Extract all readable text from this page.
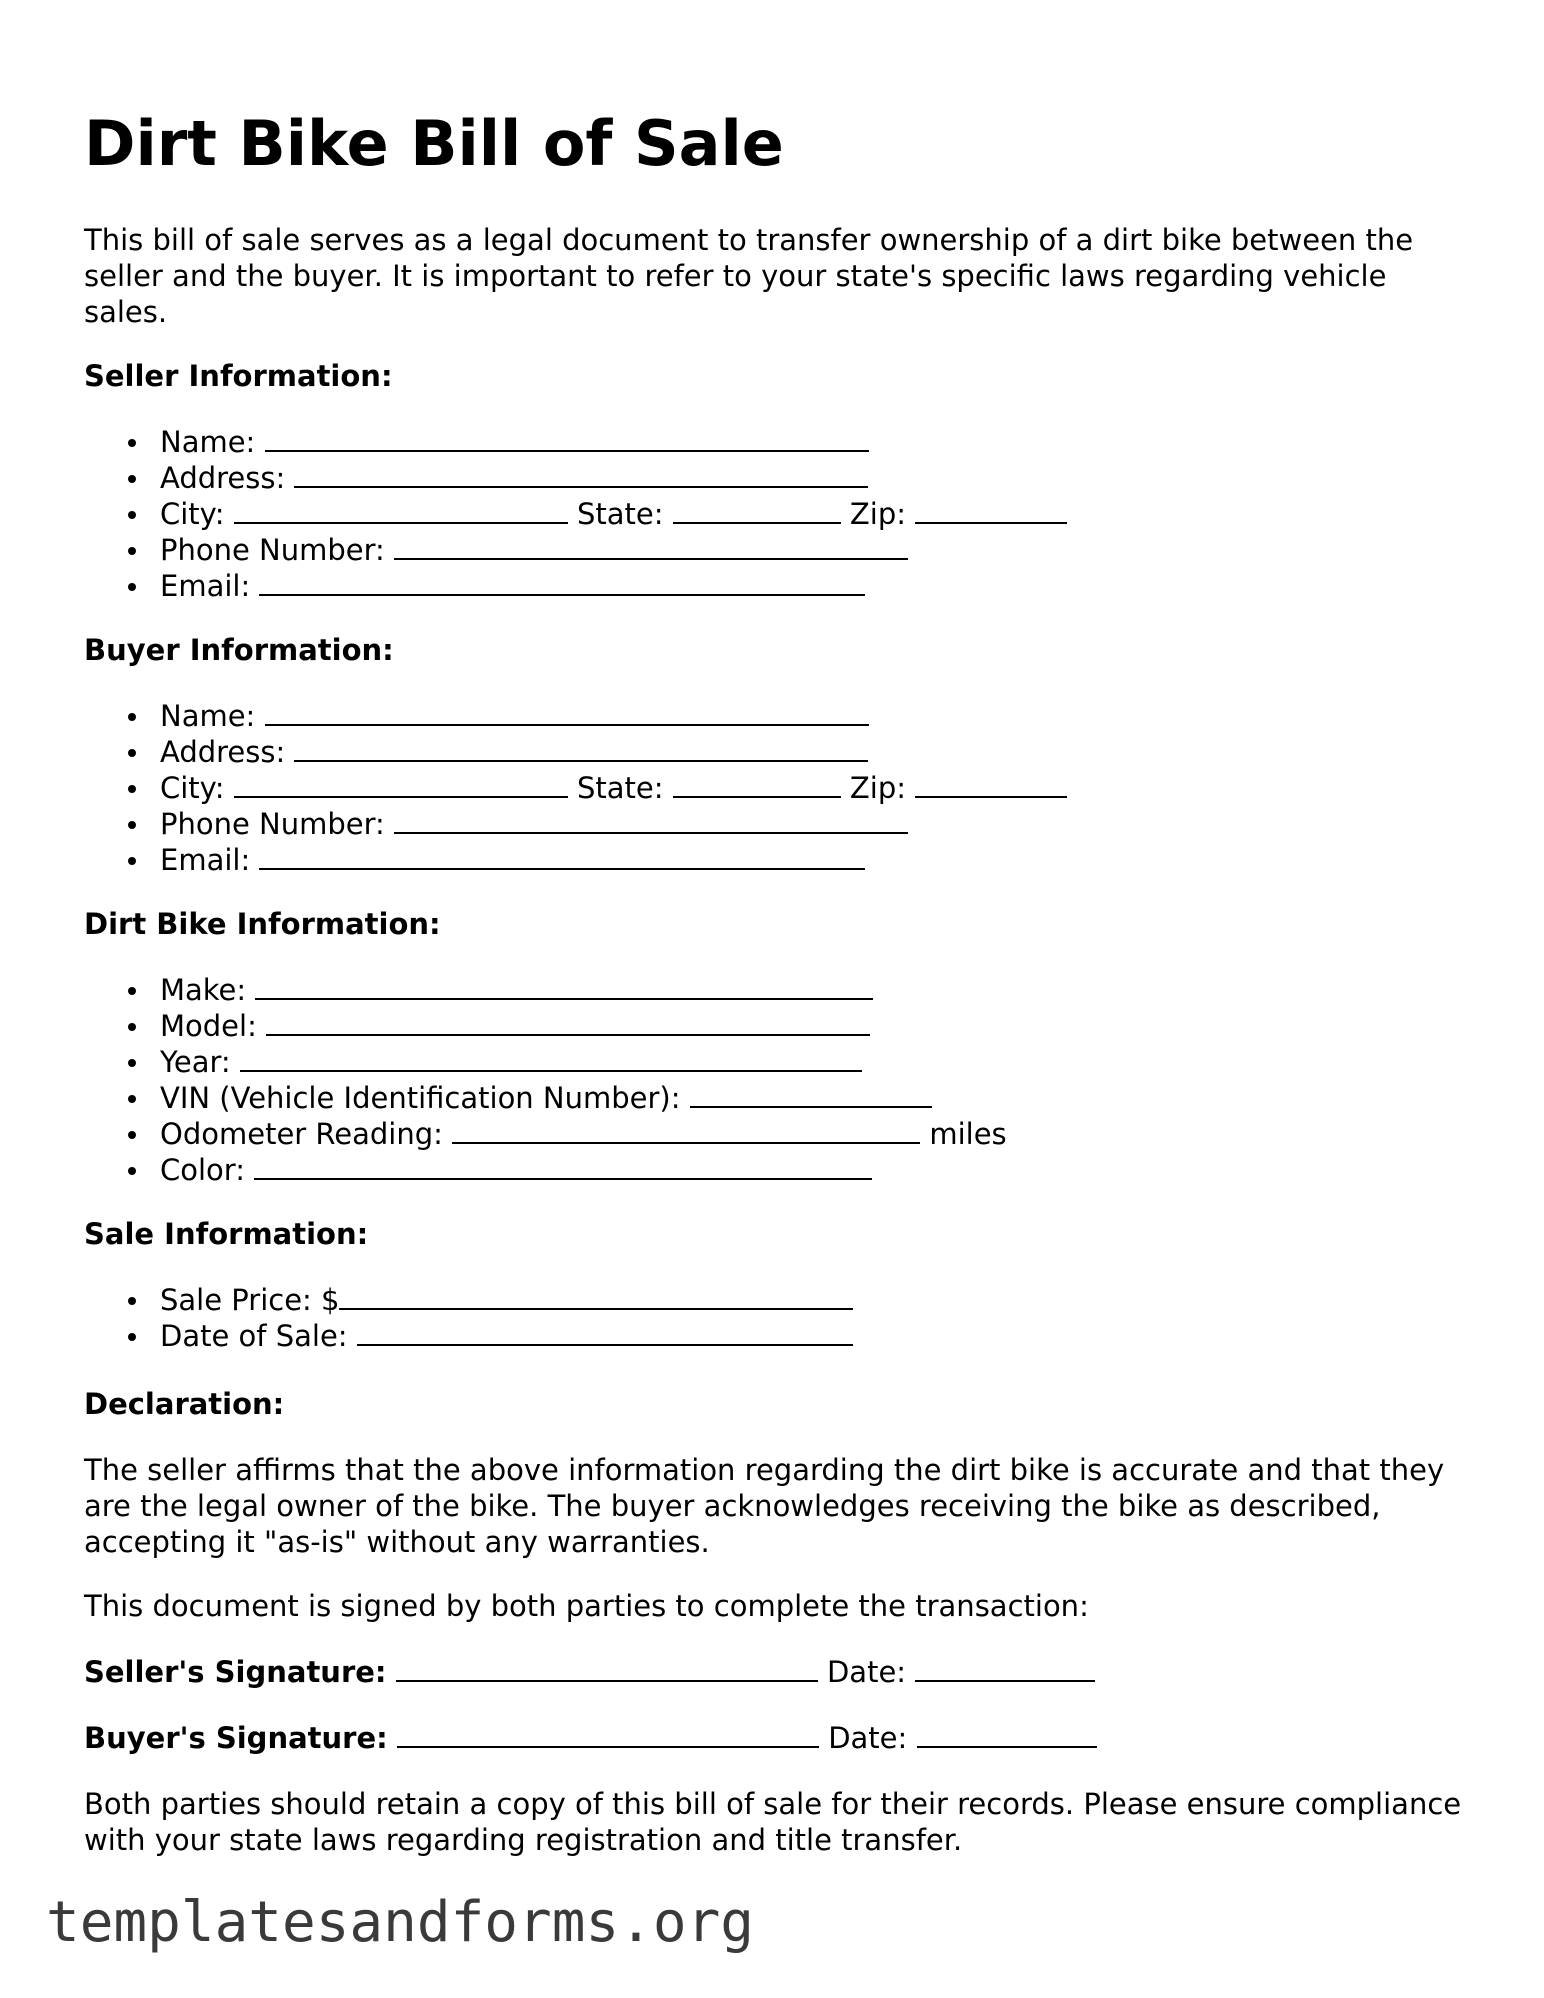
Dirt Bike Bill of Sale

This bill of sale serves as a legal document to transfer ownership of a dirt bike between the seller and the buyer. It is important to refer to your state's specific laws regarding vehicle sales.

Seller Information:
Name:
Address:
City:	State:	Zip:
Phone Number:
Email:
Buyer Information:
Name:
Address:
City:	State:	Zip:
Phone Number:
Email:
Dirt Bike Information:
Make:
Model:
Year:
VIN (Vehicle Identification Number):
Odometer Reading:	miles
Color:
Sale Information:
Sale Price: $
Date of Sale:
Declaration:

The seller affirms that the above information regarding the dirt bike is accurate and that they are the legal owner of the bike. The buyer acknowledges receiving the bike as described, accepting it "as-is" without any warranties.

This document is signed by both parties to complete the transaction:

Seller's Signature:	Date:
Buyer's Signature:	Date:

Both parties should retain a copy of this bill of sale for their records. Please ensure compliance with your state laws regarding registration and title transfer.

templatesandforms.org
